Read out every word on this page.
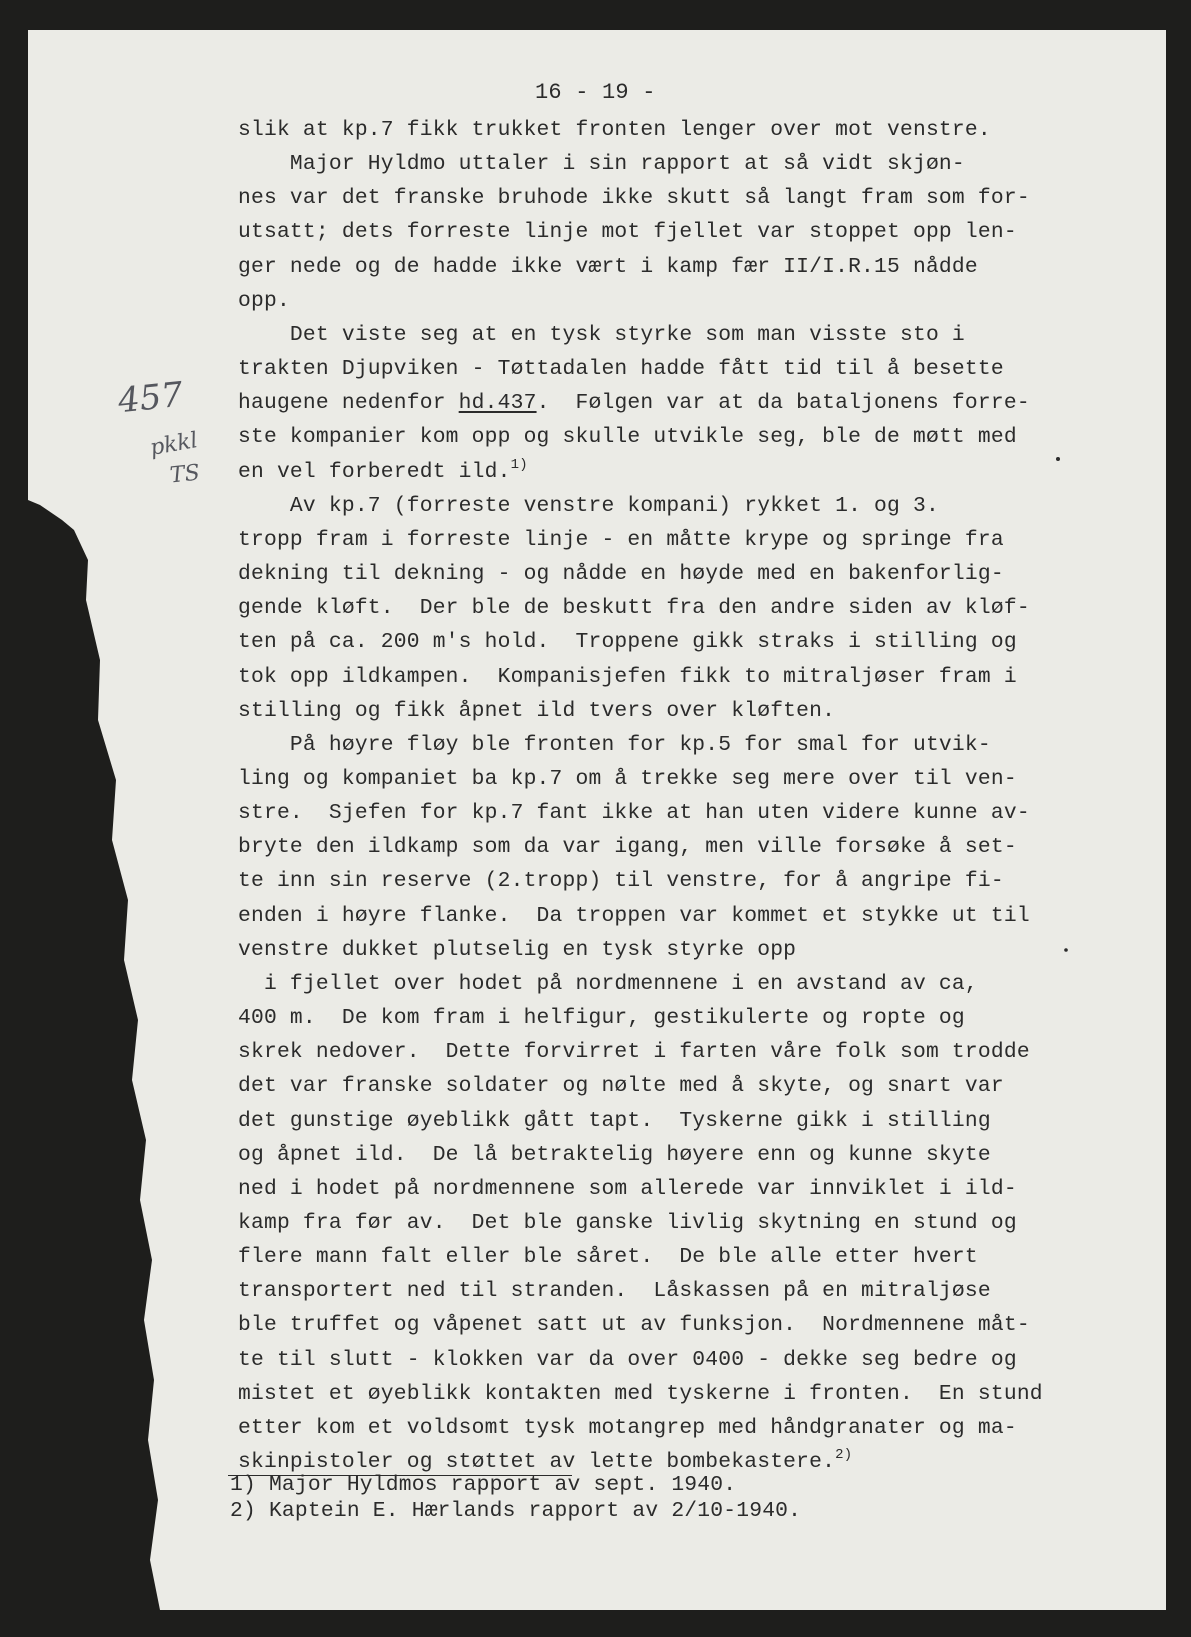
16 - 19 -
slik at kp.7 fikk trukket fronten lenger over mot venstre.
Major Hyldmo uttaler i sin rapport at så vidt skjøn-
nes var det franske bruhode ikke skutt så langt fram som for-
utsatt; dets forreste linje mot fjellet var stoppet opp len-
ger nede og de hadde ikke vært i kamp fær II/I.R.15 nådde
opp.
Det viste seg at en tysk styrke som man visste sto i
trakten Djupviken - Tøttadalen hadde fått tid til å besette
haugene nedenfor hd.437.  Følgen var at da bataljonens forre-
ste kompanier kom opp og skulle utvikle seg, ble de møtt med
en vel forberedt ild.$^{1)}$
Av kp.7 (forreste venstre kompani) rykket 1. og 3.
tropp fram i forreste linje - en måtte krype og springe fra
dekning til dekning - og nådde en høyde med en bakenforlig-
gende kløft.  Der ble de beskutt fra den andre siden av kløf-
ten på ca. 200 m's hold.  Troppene gikk straks i stilling og
tok opp ildkampen.  Kompanisjefen fikk to mitraljøser fram i
stilling og fikk åpnet ild tvers over kløften.
På høyre fløy ble fronten for kp.5 for smal for utvik-
ling og kompaniet ba kp.7 om å trekke seg mere over til ven-
stre.  Sjefen for kp.7 fant ikke at han uten videre kunne av-
bryte den ildkamp som da var igang, men ville forsøke å set-
te inn sin reserve (2.tropp) til venstre, for å angripe fi-
enden i høyre flanke.  Da troppen var kommet et stykke ut til
venstre dukket plutselig en tysk styrke opp
i fjellet over hodet på nordmennene i en avstand av ca,
400 m.  De kom fram i helfigur, gestikulerte og ropte og
skrek nedover.  Dette forvirret i farten våre folk som trodde
det var franske soldater og nølte med å skyte, og snart var
det gunstige øyeblikk gått tapt.  Tyskerne gikk i stilling
og åpnet ild.  De lå betraktelig høyere enn og kunne skyte
ned i hodet på nordmennene som allerede var innviklet i ild-
kamp fra før av.  Det ble ganske livlig skytning en stund og
flere mann falt eller ble såret.  De ble alle etter hvert
transportert ned til stranden.  Låskassen på en mitraljøse
ble truffet og våpenet satt ut av funksjon.  Nordmennene måt-
te til slutt - klokken var da over 0400 - dekke seg bedre og
mistet et øyeblikk kontakten med tyskerne i fronten.  En stund
etter kom et voldsomt tysk motangrep med håndgranater og ma-
skinpistoler og støttet av lette bombekastere.$^{2)}$
1) Major Hyldmos rapport av sept. 1940.
2) Kaptein E. Hærlands rapport av 2/10-1940.
457
pkkl
TS
